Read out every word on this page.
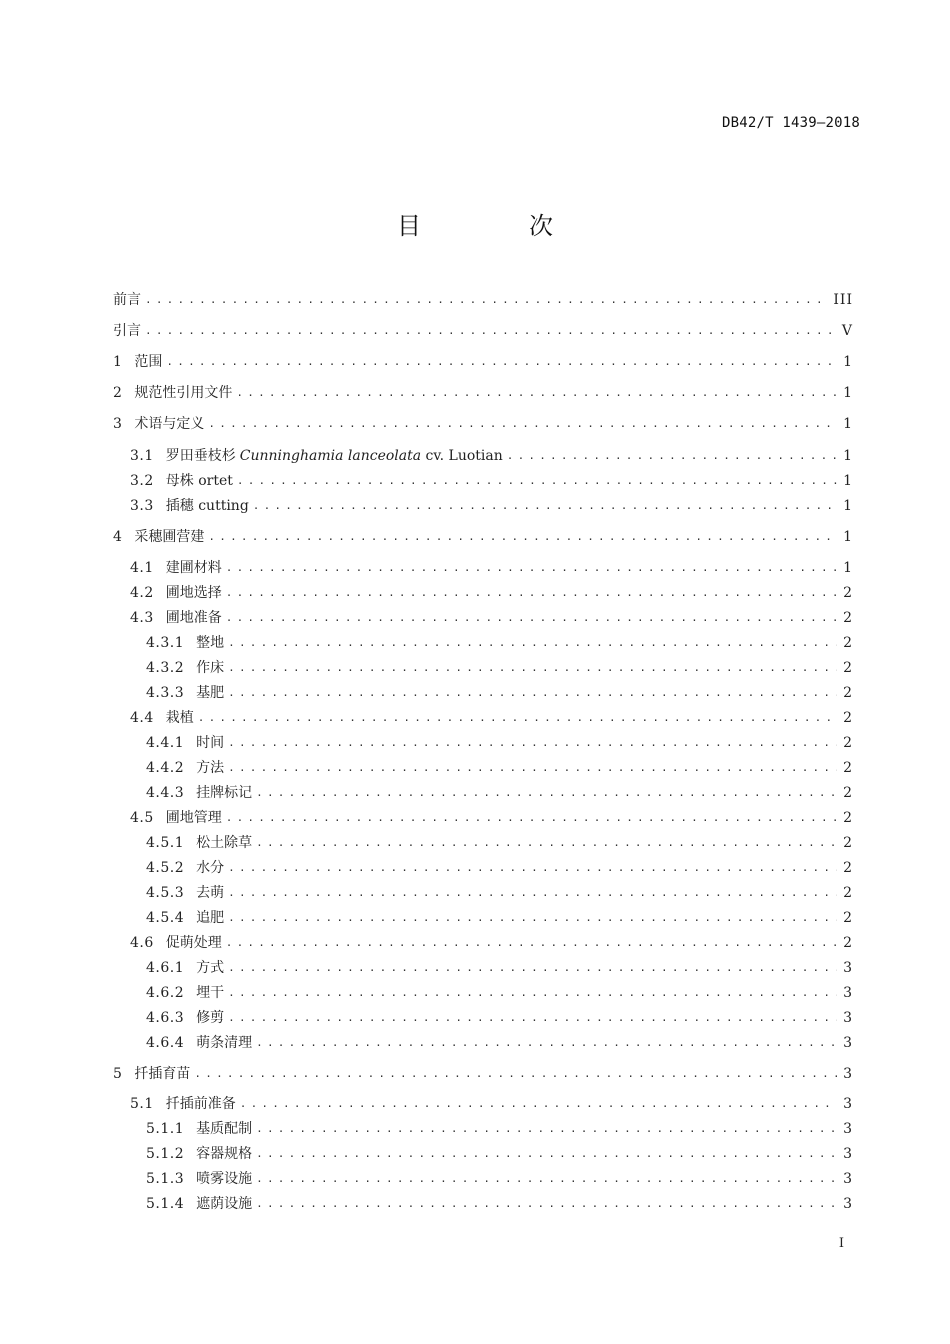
DB42/T 1439—2018
目　次
前言 .....	III
引言 .....	V
1 范围 .....	1
2 规范性引用文件 .....	1
3 术语与定义 .....	1
3.1 罗田垂枝杉 Cunninghamia lanceolata cv. Luotian .....	1
3.2 母株 ortet .....	1
3.3 插穗 cutting .....	1
4 采穗圃营建 .....	1
4.1 建圃材料 .....	1
4.2 圃地选择 .....	2
4.3 圃地准备 .....	2
4.3.1 整地 .....	2
4.3.2 作床 .....	2
4.3.3 基肥 .....	2
4.4 栽植 .....	2
4.4.1 时间 .....	2
4.4.2 方法 .....	2
4.4.3 挂牌标记 .....	2
4.5 圃地管理 .....	2
4.5.1 松土除草 .....	2
4.5.2 水分 .....	2
4.5.3 去萌 .....	2
4.5.4 追肥 .....	2
4.6 促萌处理 .....	2
4.6.1 方式 .....	3
4.6.2 埋干 .....	3
4.6.3 修剪 .....	3
4.6.4 萌条清理 .....	3
5 扦插育苗 .....	3
5.1 扦插前准备 .....	3
5.1.1 基质配制 .....	3
5.1.2 容器规格 .....	3
5.1.3 喷雾设施 .....	3
5.1.4 遮荫设施 .....	3
I
